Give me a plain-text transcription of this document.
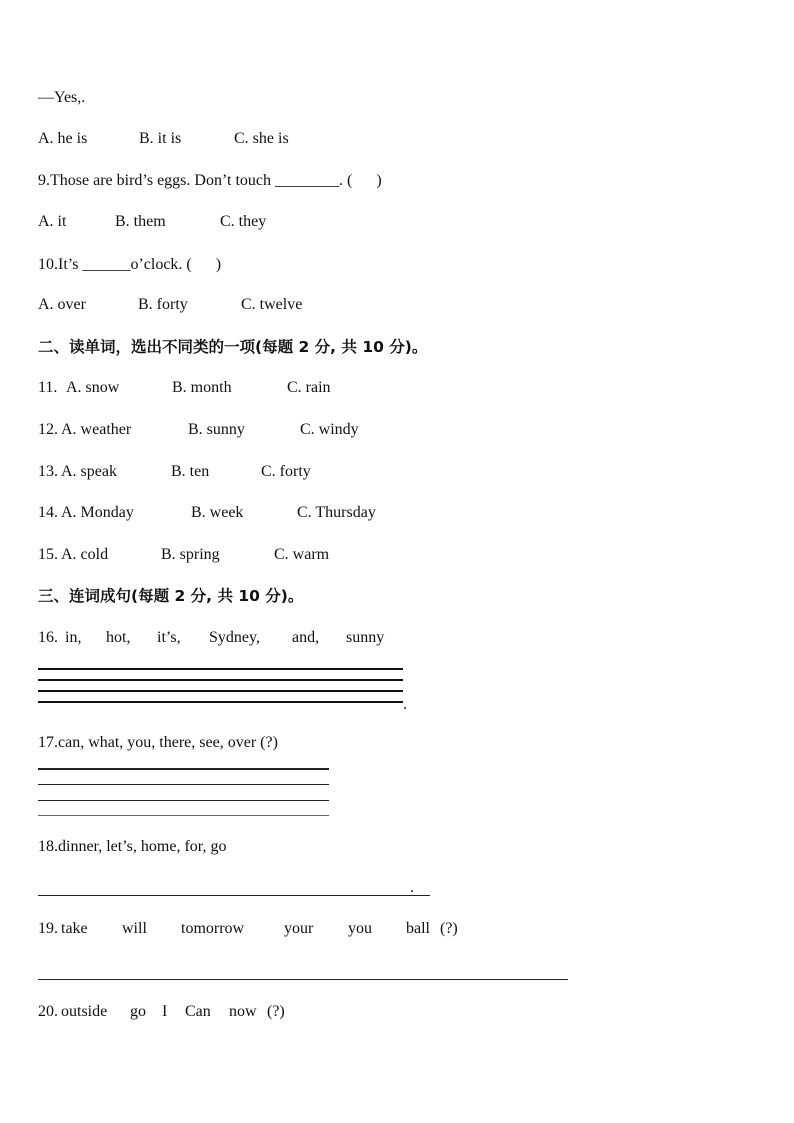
—Yes,.
A. he is	B. it is	C. she is
9.Those are bird’s eggs. Don’t touch ________. (      )
A. it	B. them	C. they
10.It’s ______o’clock. (      )
A. over	B. forty	C. twelve
二、读单词，选出不同类的一项(每题 2 分, 共 10 分)。
11. A. snow	B. month	C. rain
12. A. weather	B. sunny	C. windy
13. A. speak	B. ten	C. forty
14. A. Monday	B. week	C. Thursday
15. A. cold	B. spring	C. warm
三、连词成句(每题 2 分, 共 10 分)。
16. in, hot, it’s, Sydney, and, sunny
.
17.can, what, you, there, see, over (?)
18.dinner, let’s, home, for, go
.
19. take will tomorrow your you ball (?)
20. outside go I Can now (?)
